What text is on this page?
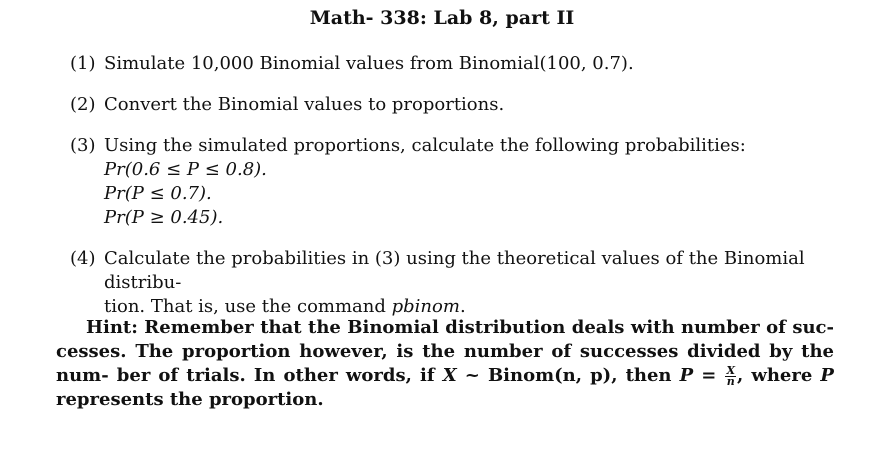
Math- 338: Lab 8, part II
(1) Simulate 10,000 Binomial values from Binomial(100, 0.7).
(2) Convert the Binomial values to proportions.
(3) Using the simulated proportions, calculate the following probabilities:
Pr(0.6 ≤ P ≤ 0.8).
Pr(P ≤ 0.7).
Pr(P ≥ 0.45).
(4) Calculate the probabilities in (3) using the theoretical values of the Binomial distribu-
tion. That is, use the command pbinom.
Hint: Remember that the Binomial distribution deals with number of suc- cesses. The proportion however, is the number of successes divided by the num- ber of trials. In other words, if X ~ Binom(n, p), then $P = \frac{X}{n}$ , where P represents the proportion.
